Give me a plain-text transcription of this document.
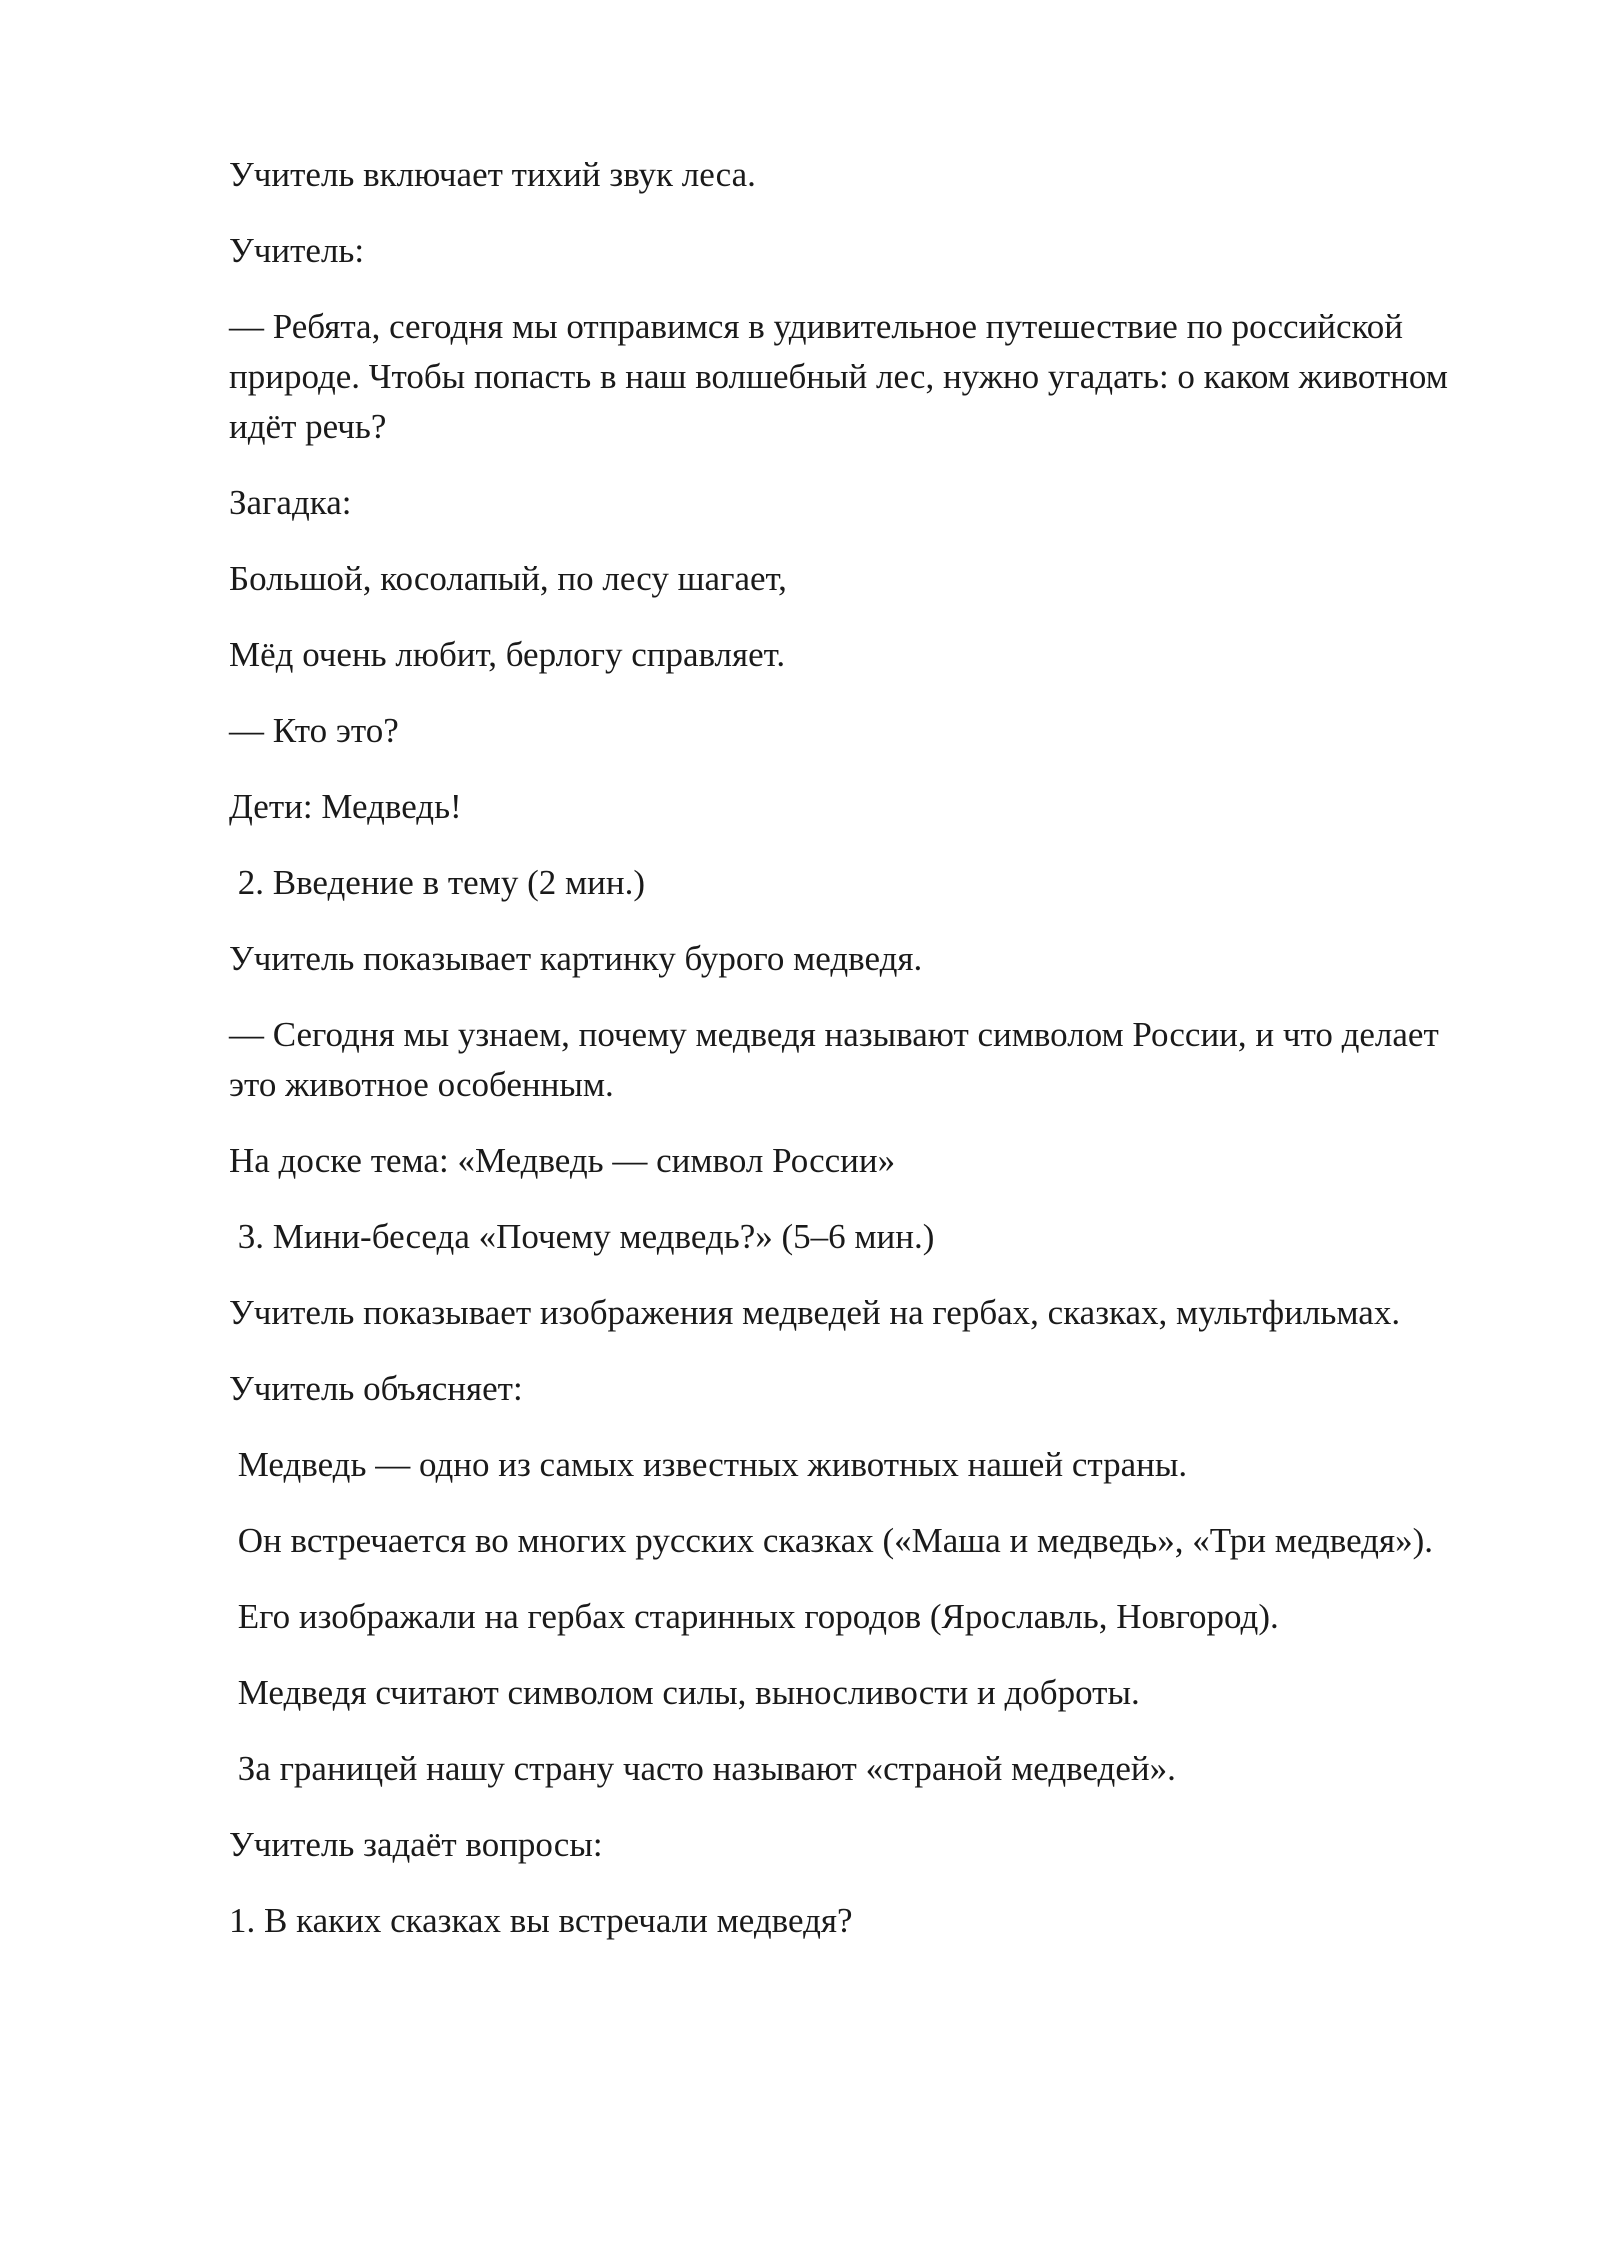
Учитель включает тихий звук леса.

Учитель:

— Ребята, сегодня мы отправимся в удивительное путешествие по российской природе. Чтобы попасть в наш волшебный лес, нужно угадать: о каком животном идёт речь?

Загадка:

Большой, косолапый, по лесу шагает,

Мёд очень любит, берлогу справляет.

— Кто это?

Дети: Медведь!

2. Введение в тему (2 мин.)

Учитель показывает картинку бурого медведя.

— Сегодня мы узнаем, почему медведя называют символом России, и что делает это животное особенным.

На доске тема: «Медведь — символ России»

3. Мини-беседа «Почему медведь?» (5–6 мин.)

Учитель показывает изображения медведей на гербах, сказках, мультфильмах.

Учитель объясняет:

Медведь — одно из самых известных животных нашей страны.

Он встречается во многих русских сказках («Маша и медведь», «Три медведя»).

Его изображали на гербах старинных городов (Ярославль, Новгород).

Медведя считают символом силы, выносливости и доброты.

За границей нашу страну часто называют «страной медведей».

Учитель задаёт вопросы:

1. В каких сказках вы встречали медведя?
